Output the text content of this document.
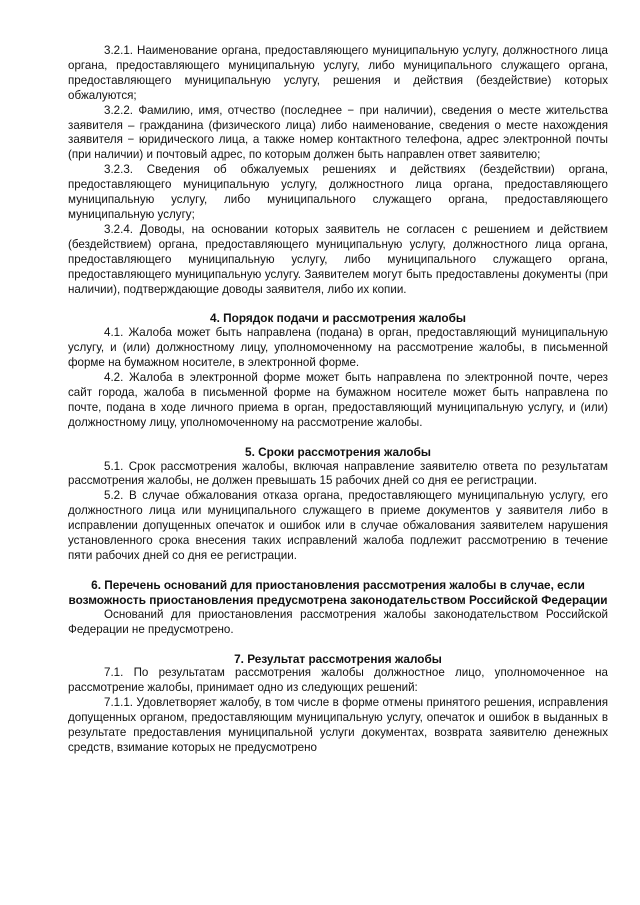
3.2.1. Наименование органа, предоставляющего муниципальную услугу, должностного лица органа, предоставляющего муниципальную услугу, либо муниципального служащего органа, предоставляющего муниципальную услугу, решения и действия (бездействие) которых обжалуются;

3.2.2. Фамилию, имя, отчество (последнее − при наличии), сведения о месте жительства заявителя – гражданина (физического лица) либо наименование, сведения о месте нахождения заявителя − юридического лица, а также номер контактного телефона, адрес электронной почты (при наличии) и почтовый адрес, по которым должен быть направлен ответ заявителю;

3.2.3. Сведения об обжалуемых решениях и действиях (бездействии) органа, предоставляющего муниципальную услугу, должностного лица органа, предоставляющего муниципальную услугу, либо муниципального служащего органа, предоставляющего муниципальную услугу;

3.2.4. Доводы, на основании которых заявитель не согласен с решением и действием (бездействием) органа, предоставляющего муниципальную услугу, должностного лица органа, предоставляющего муниципальную услугу, либо муниципального служащего органа, предоставляющего муниципальную услугу. Заявителем могут быть предоставлены документы (при наличии), подтверждающие доводы заявителя, либо их копии.

4. Порядок подачи и рассмотрения жалобы

4.1. Жалоба может быть направлена (подана) в орган, предоставляющий муниципальную услугу, и (или) должностному лицу, уполномоченному на рассмотрение жалобы, в письменной форме на бумажном носителе, в электронной форме.

4.2. Жалоба в электронной форме может быть направлена по электронной почте, через сайт города, жалоба в письменной форме на бумажном носителе может быть направлена по почте, подана в ходе личного приема в орган, предоставляющий муниципальную услугу, и (или) должностному лицу, уполномоченному на рассмотрение жалобы.

5. Сроки рассмотрения жалобы

5.1. Срок рассмотрения жалобы, включая направление заявителю ответа по результатам рассмотрения жалобы, не должен превышать 15 рабочих дней со дня ее регистрации.

5.2. В случае обжалования отказа органа, предоставляющего муниципальную услугу, его должностного лица или муниципального служащего в приеме документов у заявителя либо в исправлении допущенных опечаток и ошибок или в случае обжалования заявителем нарушения установленного срока внесения таких исправлений жалоба подлежит рассмотрению в течение пяти рабочих дней со дня ее регистрации.

6. Перечень оснований для приостановления рассмотрения жалобы в случае, если возможность приостановления предусмотрена законодательством Российской Федерации

Оснований для приостановления рассмотрения жалобы законодательством Российской Федерации не предусмотрено.

7. Результат рассмотрения жалобы

7.1. По результатам рассмотрения жалобы должностное лицо, уполномоченное на рассмотрение жалобы, принимает одно из следующих решений:

7.1.1. Удовлетворяет жалобу, в том числе в форме отмены принятого решения, исправления допущенных органом, предоставляющим муниципальную услугу, опечаток и ошибок в выданных в результате предоставления муниципальной услуги документах, возврата заявителю денежных средств, взимание которых не предусмотрено
